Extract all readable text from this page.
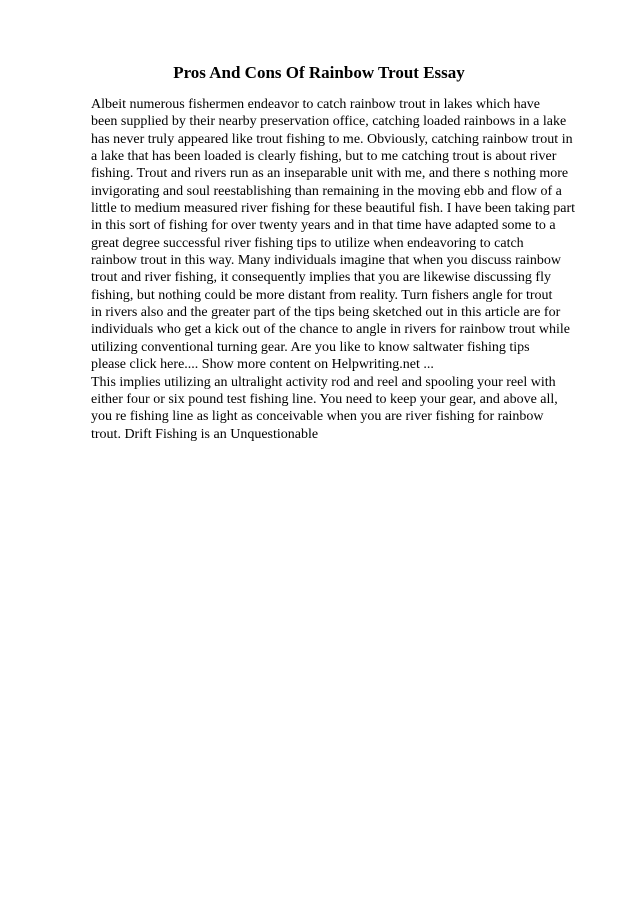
Pros And Cons Of Rainbow Trout Essay
Albeit numerous fishermen endeavor to catch rainbow trout in lakes which have
been supplied by their nearby preservation office, catching loaded rainbows in a lake
has never truly appeared like trout fishing to me. Obviously, catching rainbow trout in
a lake that has been loaded is clearly fishing, but to me catching trout is about river
fishing. Trout and rivers run as an inseparable unit with me, and there s nothing more
invigorating and soul reestablishing than remaining in the moving ebb and flow of a
little to medium measured river fishing for these beautiful fish. I have been taking part
in this sort of fishing for over twenty years and in that time have adapted some to a
great degree successful river fishing tips to utilize when endeavoring to catch
rainbow trout in this way. Many individuals imagine that when you discuss rainbow
trout and river fishing, it consequently implies that you are likewise discussing fly
fishing, but nothing could be more distant from reality. Turn fishers angle for trout
in rivers also and the greater part of the tips being sketched out in this article are for
individuals who get a kick out of the chance to angle in rivers for rainbow trout while
utilizing conventional turning gear. Are you like to know saltwater fishing tips
please click here.... Show more content on Helpwriting.net ...
This implies utilizing an ultralight activity rod and reel and spooling your reel with
either four or six pound test fishing line. You need to keep your gear, and above all,
you re fishing line as light as conceivable when you are river fishing for rainbow
trout. Drift Fishing is an Unquestionable
